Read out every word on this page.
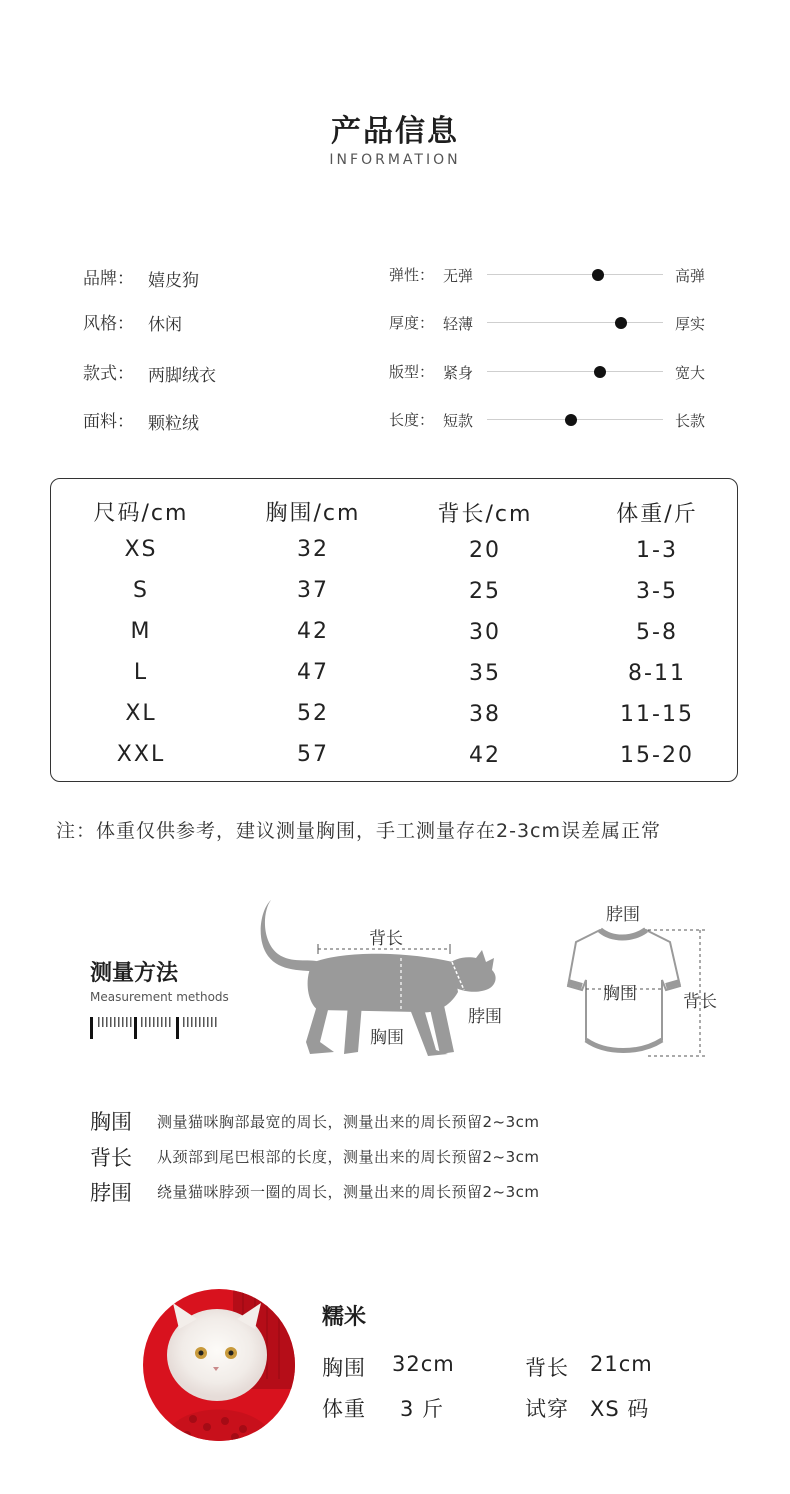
产品信息
INFORMATION
品牌： 嬉皮狗
风格： 休闲
款式： 两脚绒衣
面料： 颗粒绒
弹性： 无弹	高弹
厚度： 轻薄	厚实
版型： 紧身	宽大
长度： 短款	长款
尺码/cm	胸围/cm	背长/cm	体重/斤
XS	32	20	1-3
S	37	25	3-5
M	42	30	5-8
L	47	35	8-11
XL	52	38	11-15
XXL	57	42	15-20
注：体重仅供参考，建议测量胸围，手工测量存在2-3cm误差属正常
测量方法
Measurement methods
背长
胸围
脖围
脖围
胸围	背长
胸围 测量猫咪胸部最宽的周长，测量出来的周长预留2~3cm
背长 从颈部到尾巴根部的长度，测量出来的周长预留2~3cm
脖围 绕量猫咪脖颈一圈的周长，测量出来的周长预留2~3cm
糯米
胸围 32cm	背长 21cm
体重 3 斤	试穿 XS 码
